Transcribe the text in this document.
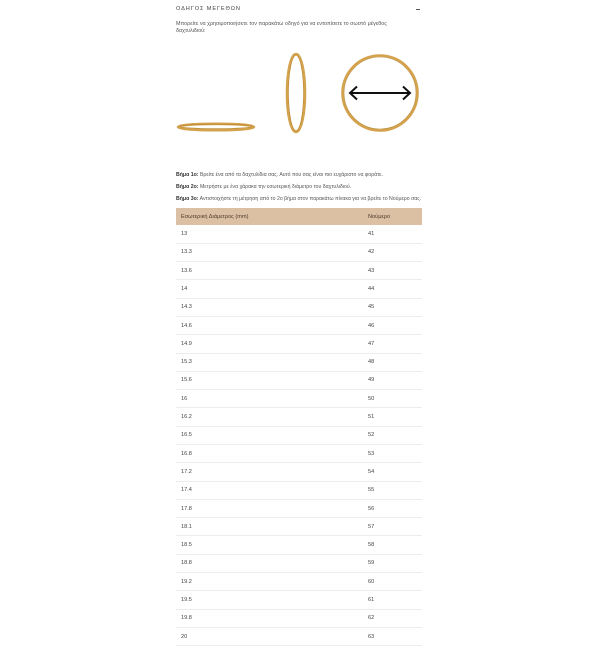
ΟΔΗΓΟΣ ΜΕΓΕΘΩΝ
Μπορείτε να χρησιμοποιήσετε τον παρακάτω οδηγό για να εντοπίσετε το σωστό μέγεθος δαχτυλιδιού:
Βήμα 1ο: Βρείτε ένα από τα δαχτυλίδια σας. Αυτό που σας είναι πιο ευχάριστο να φοράτε.
Βήμα 2ο: Μετρήστε με ένα χάρακα την εσωτερική διάμετρο του δαχτυλιδιού.
Βήμα 3ο: Αντιστοιχήστε τη μέτρηση από το 2ο βήμα στον παρακάτω πίνακα για να βρείτε το Νούμερο σας.
Εσωτερική Διάμετρος (mm)	Νούμερο
13	41
13.3	42
13.6	43
14	44
14.3	45
14.6	46
14.9	47
15.3	48
15.6	49
16	50
16.2	51
16.5	52
16.8	53
17.2	54
17.4	55
17.8	56
18.1	57
18.5	58
18.8	59
19.2	60
19.5	61
19.8	62
20	63
